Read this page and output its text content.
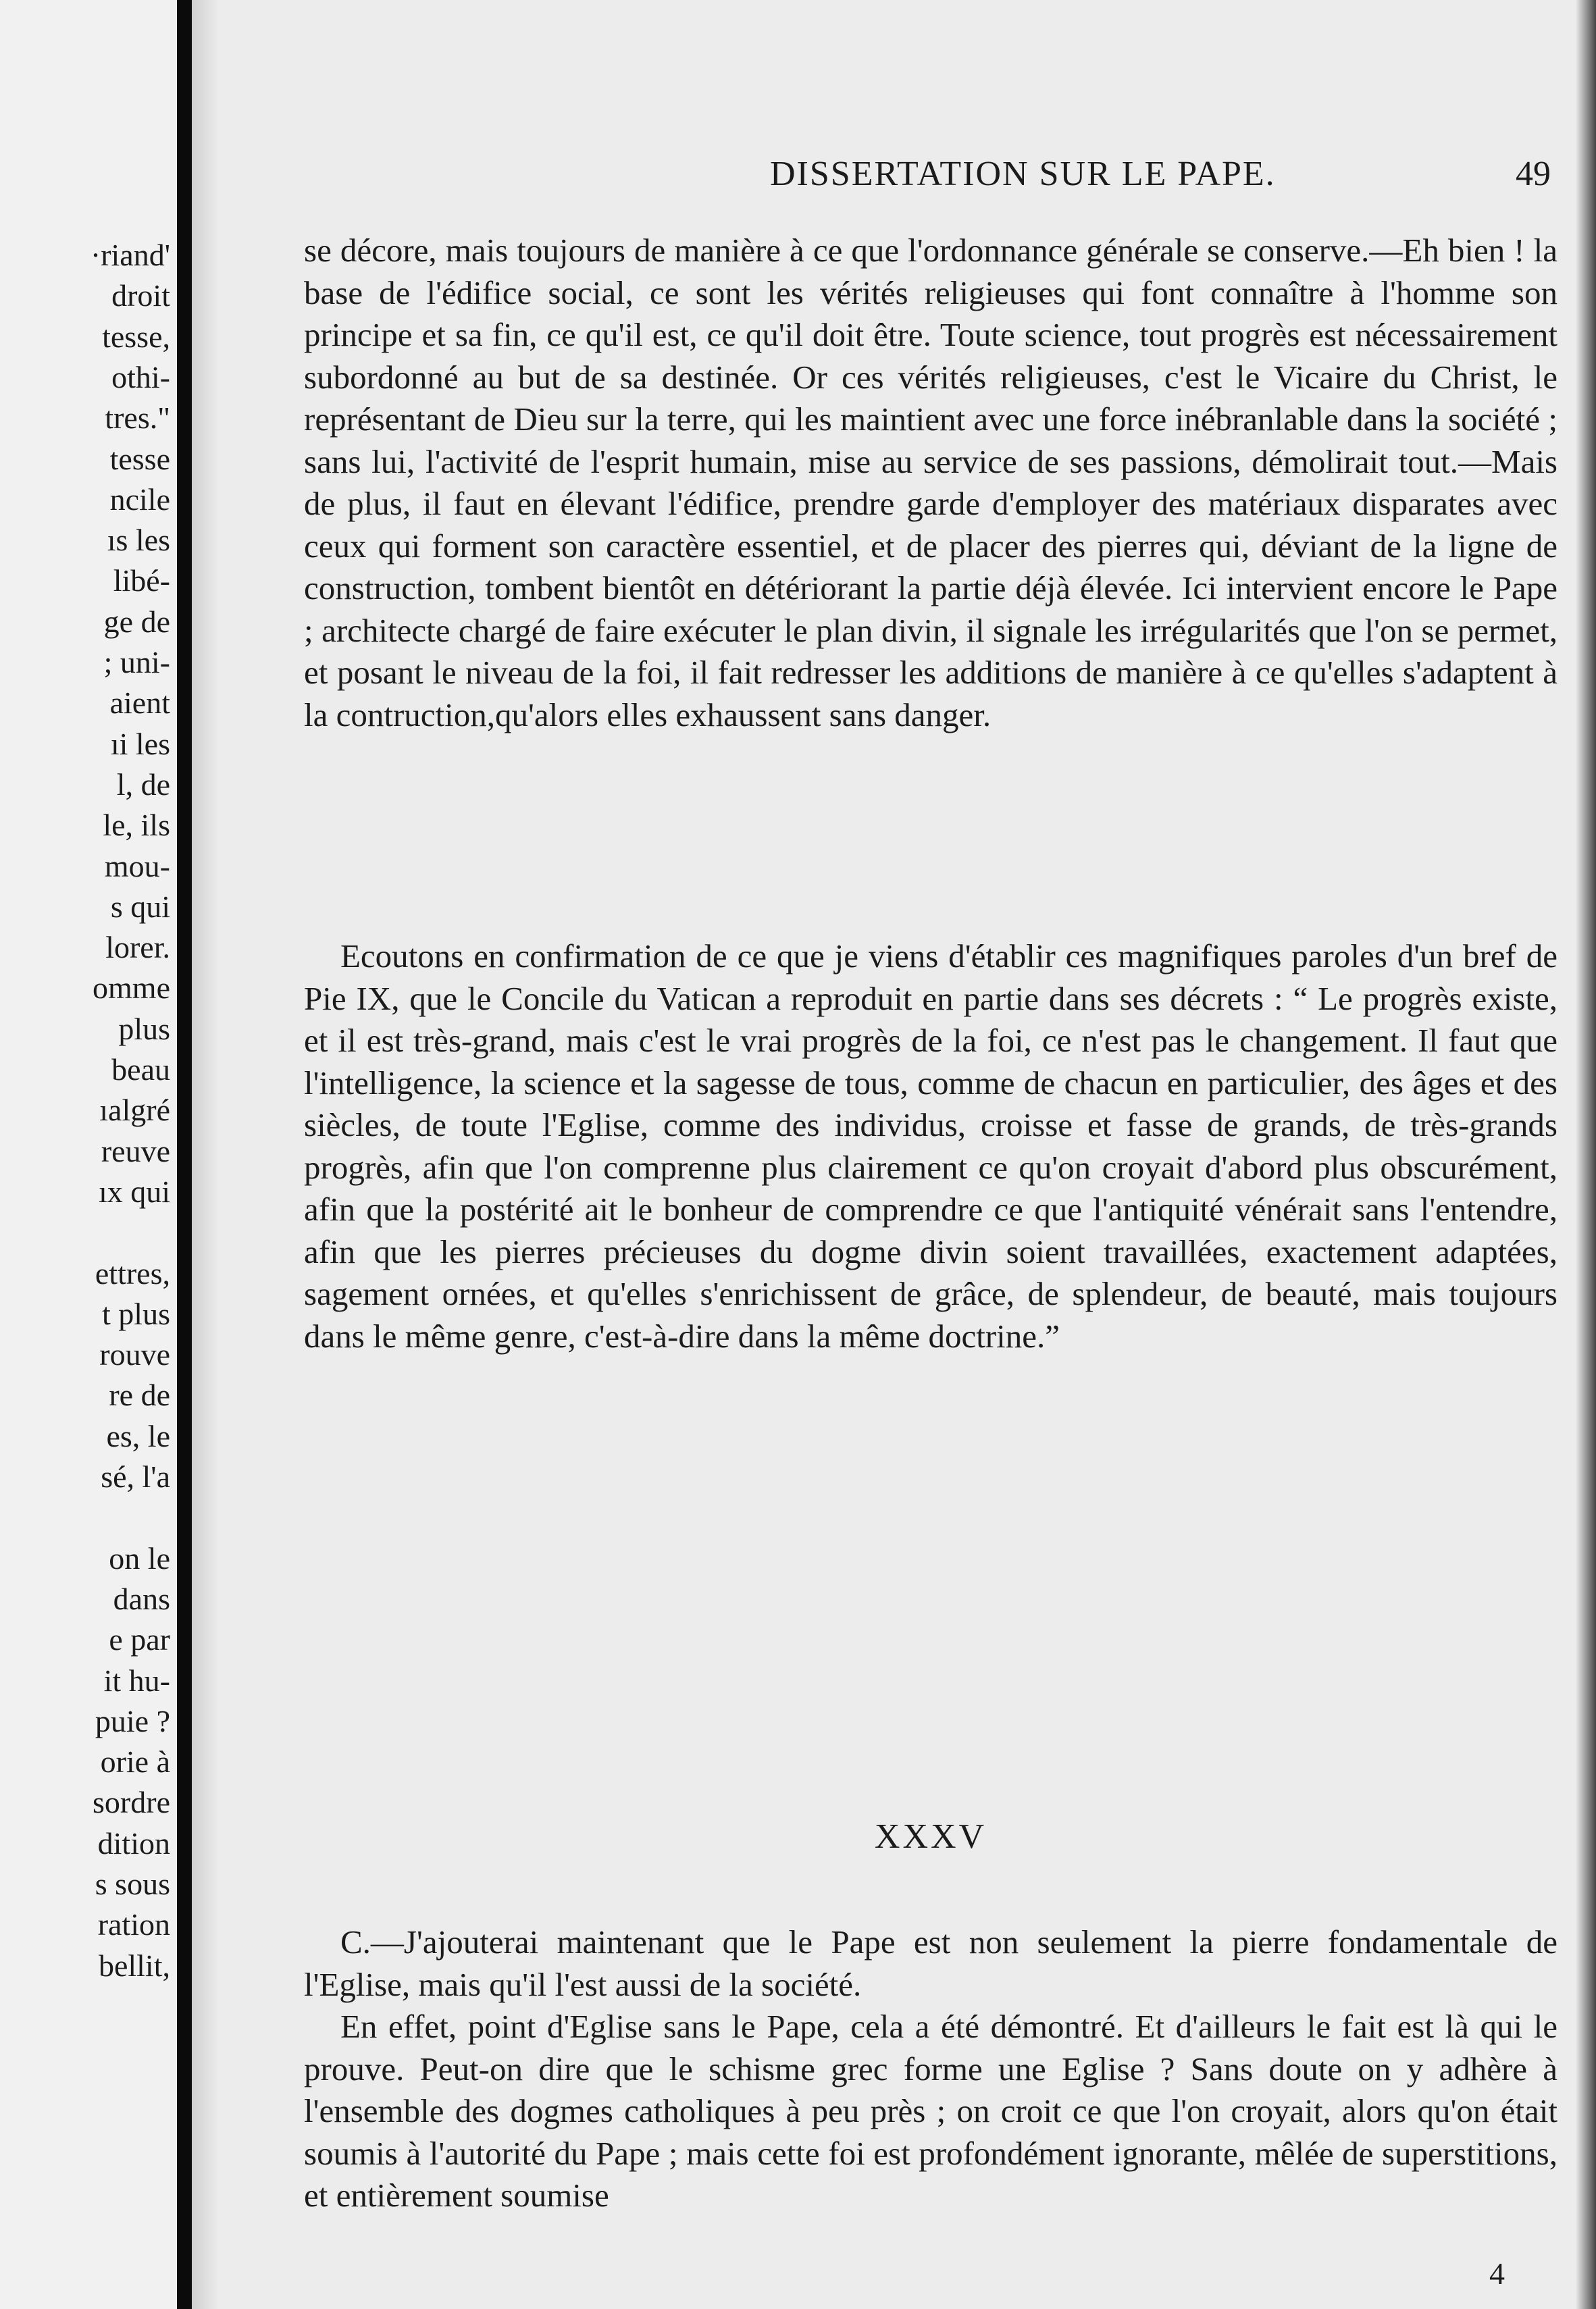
·riand'
droit
tesse,
othi-
tres."
tesse
ncile
ıs les
libé-
ge de
; uni-
aient
ıi les
l, de
le, ils
mou-
s qui
lorer.
omme
plus
beau
ıalgré
reuve
ıx qui
ettres,
t plus
rouve
re de
es, le
sé, l'a
on le
dans
e par
it hu-
puie ?
orie à
sordre
dition
s sous
ration
bellit,
DISSERTATION SUR LE PAPE.	49

se décore, mais toujours de manière à ce que l'ordonnance générale se conserve.—Eh bien ! la base de l'édifice social, ce sont les vérités religieuses qui font connaître à l'homme son principe et sa fin, ce qu'il est, ce qu'il doit être. Toute science, tout progrès est nécessairement subordonné au but de sa destinée. Or ces vérités religieuses, c'est le Vicaire du Christ, le représentant de Dieu sur la terre, qui les maintient avec une force inébranlable dans la société ; sans lui, l'activité de l'esprit humain, mise au service de ses passions, démolirait tout.—Mais de plus, il faut en élevant l'édifice, prendre garde d'employer des matériaux disparates avec ceux qui forment son caractère essentiel, et de placer des pierres qui, déviant de la ligne de construction, tombent bientôt en détériorant la partie déjà élevée. Ici intervient encore le Pape ; architecte chargé de faire exécuter le plan divin, il signale les irrégularités que l'on se permet, et posant le niveau de la foi, il fait redresser les additions de manière à ce qu'elles s'adaptent à la contruction,qu'alors elles exhaussent sans danger.

Ecoutons en confirmation de ce que je viens d'établir ces magnifiques paroles d'un bref de Pie IX, que le Concile du Vatican a reproduit en partie dans ses décrets : “ Le progrès existe, et il est très-grand, mais c'est le vrai progrès de la foi, ce n'est pas le changement. Il faut que l'intelligence, la science et la sagesse de tous, comme de chacun en particulier, des âges et des siècles, de toute l'Eglise, comme des individus, croisse et fasse de grands, de très-grands progrès, afin que l'on comprenne plus clairement ce qu'on croyait d'abord plus obscurément, afin que la postérité ait le bonheur de comprendre ce que l'antiquité vénérait sans l'entendre, afin que les pierres précieuses du dogme divin soient travaillées, exactement adaptées, sagement ornées, et qu'elles s'enrichissent de grâce, de splendeur, de beauté, mais toujours dans le même genre, c'est-à-dire dans la même doctrine.”

XXXV

C.—J'ajouterai maintenant que le Pape est non seulement la pierre fondamentale de l'Eglise, mais qu'il l'est aussi de la société.

En effet, point d'Eglise sans le Pape, cela a été démontré. Et d'ailleurs le fait est là qui le prouve. Peut-on dire que le schisme grec forme une Eglise ? Sans doute on y adhère à l'ensemble des dogmes catholiques à peu près ; on croit ce que l'on croyait, alors qu'on était soumis à l'autorité du Pape ; mais cette foi est profondément ignorante, mêlée de superstitions, et entièrement soumise

4
